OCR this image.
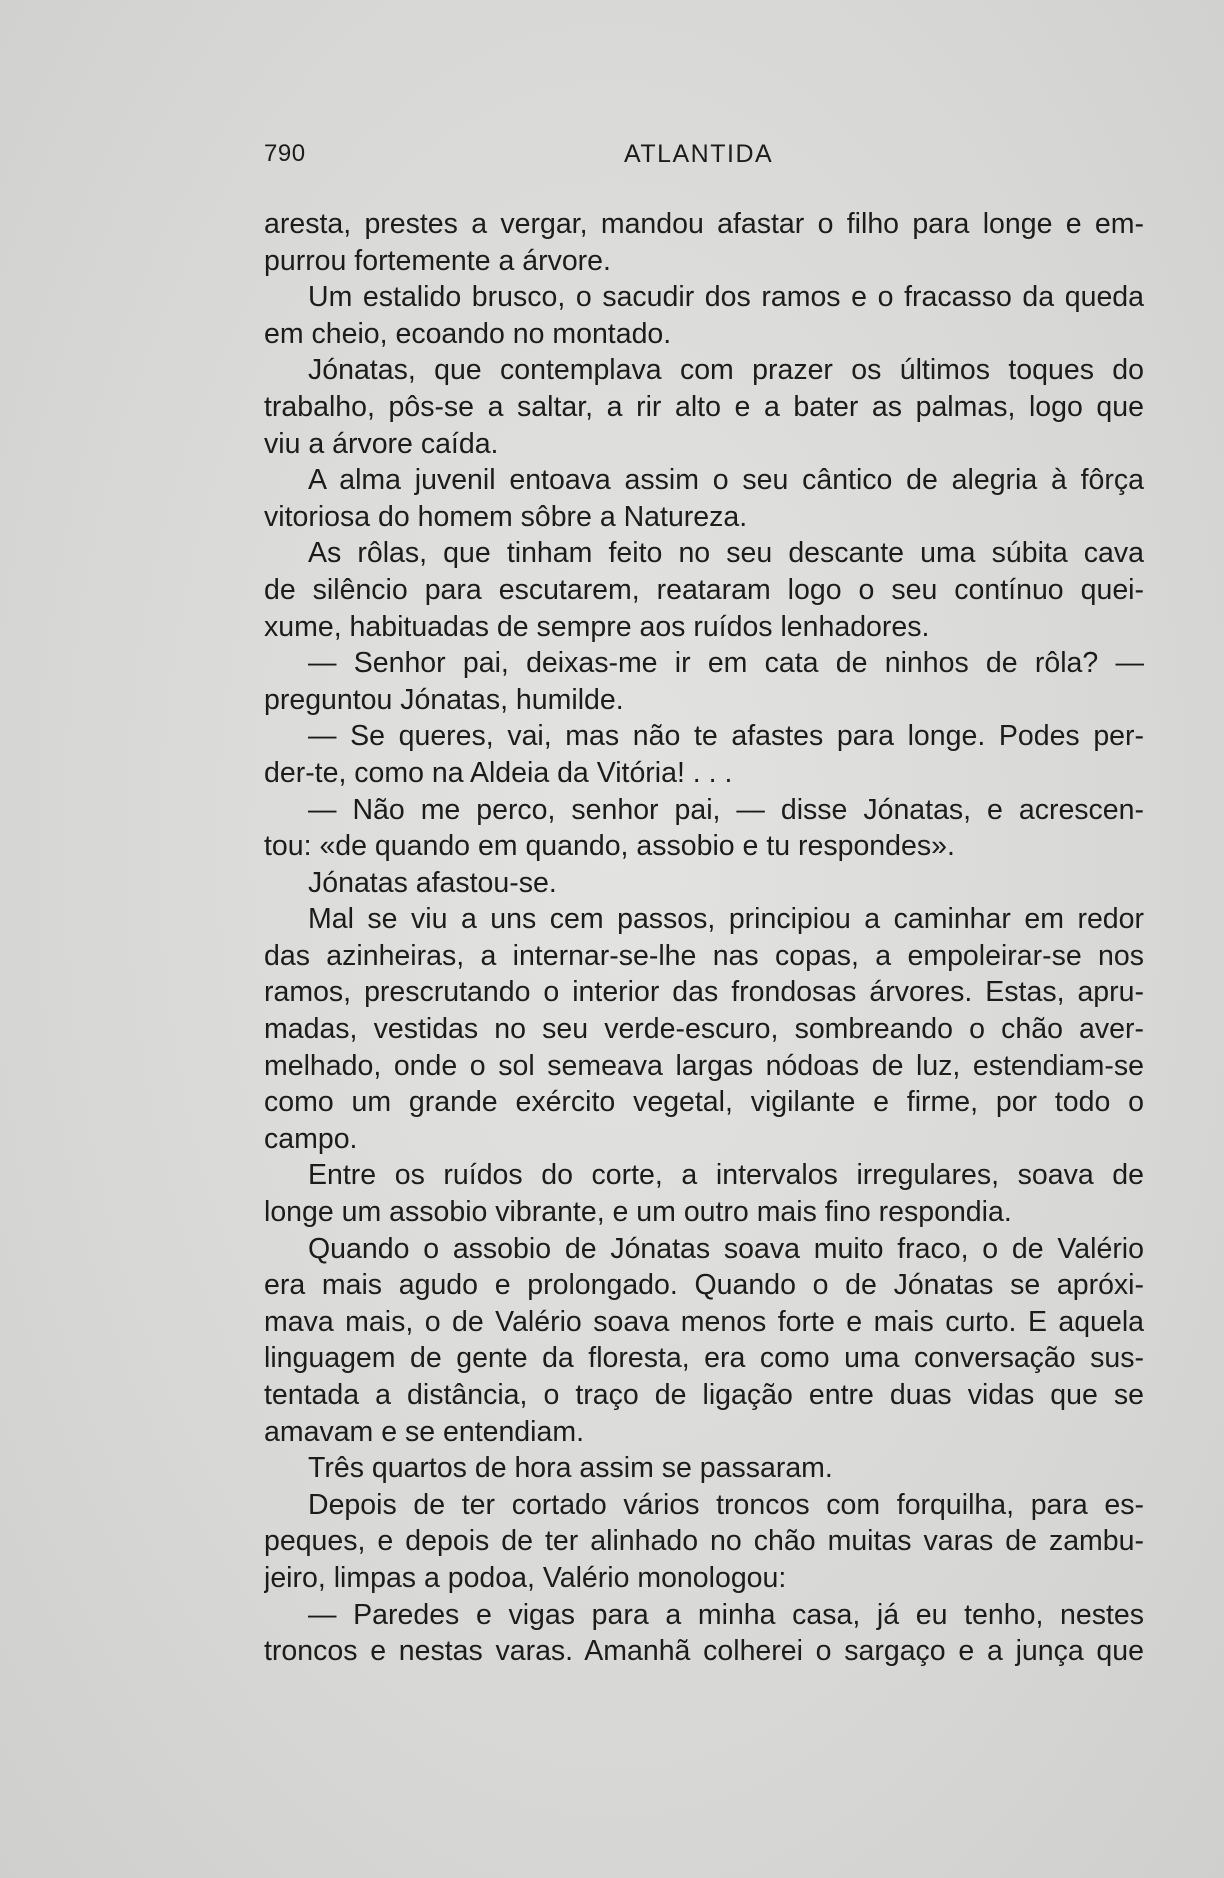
790	ATLANTIDA
aresta, prestes a vergar, mandou afastar o filho para longe e em-
purrou fortemente a árvore.
Um estalido brusco, o sacudir dos ramos e o fracasso da queda
em cheio, ecoando no montado.
Jónatas, que contemplava com prazer os últimos toques do
trabalho, pôs-se a saltar, a rir alto e a bater as palmas, logo que
viu a árvore caída.
A alma juvenil entoava assim o seu cântico de alegria à fôrça
vitoriosa do homem sôbre a Natureza.
As rôlas, que tinham feito no seu descante uma súbita cava
de silêncio para escutarem, reataram logo o seu contínuo quei-
xume, habituadas de sempre aos ruídos lenhadores.
— Senhor pai, deixas-me ir em cata de ninhos de rôla? —
preguntou Jónatas, humilde.
— Se queres, vai, mas não te afastes para longe. Podes per-
der-te, como na Aldeia da Vitória! . . .
— Não me perco, senhor pai, — disse Jónatas, e acrescen-
tou: «de quando em quando, assobio e tu respondes».
Jónatas afastou-se.
Mal se viu a uns cem passos, principiou a caminhar em redor
das azinheiras, a internar-se-lhe nas copas, a empoleirar-se nos
ramos, prescrutando o interior das frondosas árvores. Estas, apru-
madas, vestidas no seu verde-escuro, sombreando o chão aver-
melhado, onde o sol semeava largas nódoas de luz, estendiam-se
como um grande exército vegetal, vigilante e firme, por todo o
campo.
Entre os ruídos do corte, a intervalos irregulares, soava de
longe um assobio vibrante, e um outro mais fino respondia.
Quando o assobio de Jónatas soava muito fraco, o de Valério
era mais agudo e prolongado. Quando o de Jónatas se apróxi-
mava mais, o de Valério soava menos forte e mais curto. E aquela
linguagem de gente da floresta, era como uma conversação sus-
tentada a distância, o traço de ligação entre duas vidas que se
amavam e se entendiam.
Três quartos de hora assim se passaram.
Depois de ter cortado vários troncos com forquilha, para es-
peques, e depois de ter alinhado no chão muitas varas de zambu-
jeiro, limpas a podoa, Valério monologou:
— Paredes e vigas para a minha casa, já eu tenho, nestes
troncos e nestas varas. Amanhã colherei o sargaço e a junça que
